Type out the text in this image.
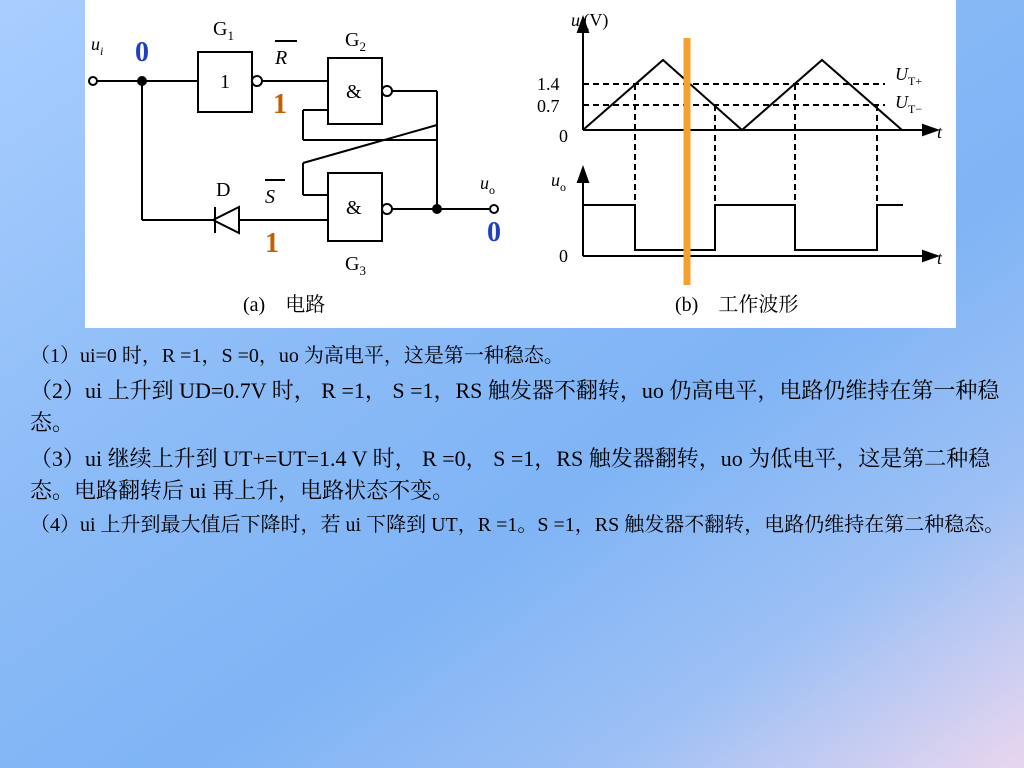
$u_i$ 0
$G_1$
1
$G_2$
&
R
1
D S
1
&
$G_3$
$u_o$
0
(a)    电路
$u_i(V)$
1.4
0.7
0
$U_{T+}$
$U_{T-}$
t
$u_o$
0	t
(b)    工作波形

（1）ui=0 时，R =1，S =0，uo 为高电平，这是第一种稳态。

（2）ui 上升到 UD=0.7V 时， R =1， S =1，RS 触发器不翻转，uo 仍高电平，电路仍维持在第一种稳态。

（3）ui 继续上升到 UT+=UT=1.4 V 时， R =0， S =1，RS 触发器翻转，uo 为低电平，这是第二种稳态。电路翻转后 ui 再上升，电路状态不变。

（4）ui 上升到最大值后下降时，若 ui 下降到 UT，R =1。S =1，RS 触发器不翻转，电路仍维持在第二种稳态。
